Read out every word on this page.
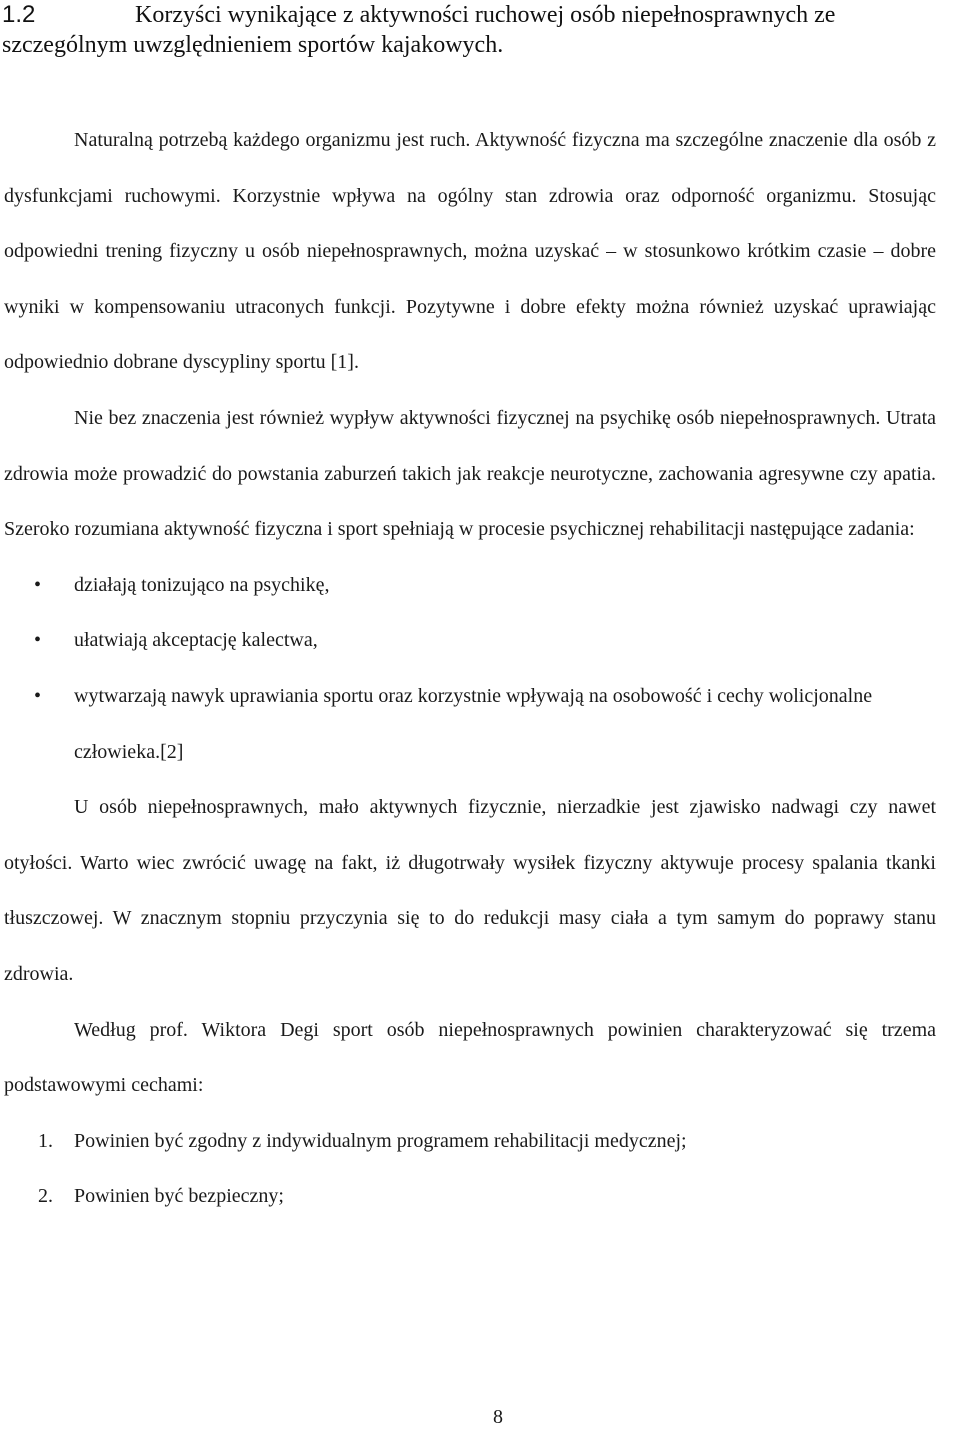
1.2	Korzyści wynikające z aktywności ruchowej osób niepełnosprawnych ze szczególnym uwzględnieniem sportów kajakowych.

Naturalną potrzebą każdego organizmu jest ruch. Aktywność fizyczna ma szczególne znaczenie dla osób z dysfunkcjami ruchowymi. Korzystnie wpływa na ogólny stan zdrowia oraz odporność organizmu. Stosując odpowiedni trening fizyczny u osób niepełnosprawnych, można uzyskać – w stosunkowo krótkim czasie – dobre wyniki w kompensowaniu utraconych funkcji. Pozytywne i dobre efekty można również uzyskać uprawiając odpowiednio dobrane dyscypliny sportu [1].

Nie bez znaczenia jest również wypływ aktywności fizycznej na psychikę osób niepełnosprawnych. Utrata zdrowia może prowadzić do powstania zaburzeń takich jak reakcje neurotyczne, zachowania agresywne czy apatia. Szeroko rozumiana aktywność fizyczna i sport spełniają w procesie psychicznej rehabilitacji następujące zadania:

• działają tonizująco na psychikę,
• ułatwiają akceptację kalectwa,
• wytwarzają nawyk uprawiania sportu oraz korzystnie wpływają na osobowość i cechy wolicjonalne człowieka.[2]

U osób niepełnosprawnych, mało aktywnych fizycznie, nierzadkie jest zjawisko nadwagi czy nawet otyłości. Warto wiec zwrócić uwagę na fakt, iż długotrwały wysiłek fizyczny aktywuje procesy spalania tkanki tłuszczowej. W znacznym stopniu przyczynia się to do redukcji masy ciała a tym samym do poprawy stanu zdrowia.

Według prof. Wiktora Degi sport osób niepełnosprawnych powinien charakteryzować się trzema podstawowymi cechami:

1. Powinien być zgodny z indywidualnym programem rehabilitacji medycznej;
2. Powinien być bezpieczny;
8
